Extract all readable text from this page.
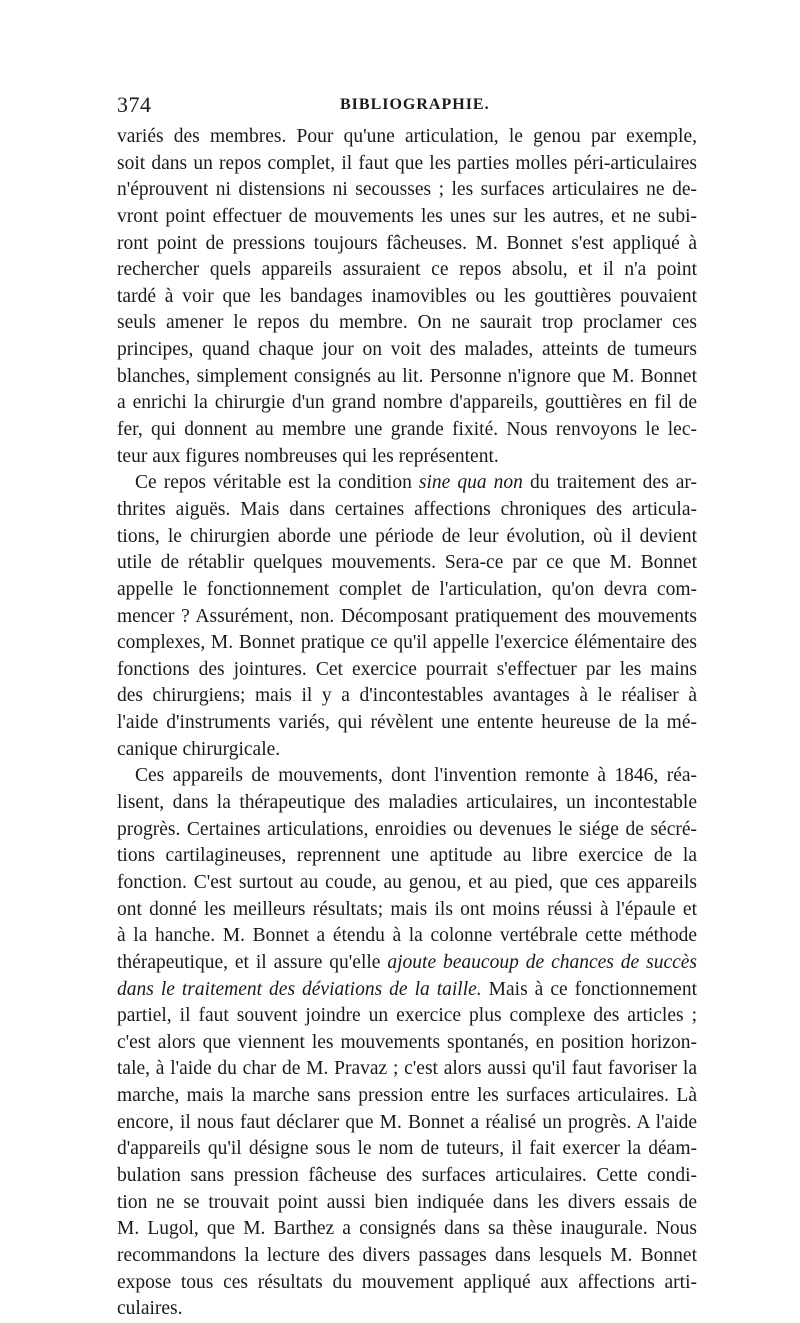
374	BIBLIOGRAPHIE.
variés des membres. Pour qu'une articulation, le genou par exemple,
soit dans un repos complet, il faut que les parties molles péri-articulaires
n'éprouvent ni distensions ni secousses ; les surfaces articulaires ne de-
vront point effectuer de mouvements les unes sur les autres, et ne subi-
ront point de pressions toujours fâcheuses. M. Bonnet s'est appliqué à
rechercher quels appareils assuraient ce repos absolu, et il n'a point
tardé à voir que les bandages inamovibles ou les gouttières pouvaient
seuls amener le repos du membre. On ne saurait trop proclamer ces
principes, quand chaque jour on voit des malades, atteints de tumeurs
blanches, simplement consignés au lit. Personne n'ignore que M. Bonnet
a enrichi la chirurgie d'un grand nombre d'appareils, gouttières en fil de
fer, qui donnent au membre une grande fixité. Nous renvoyons le lec-
teur aux figures nombreuses qui les représentent.
Ce repos véritable est la condition sine qua non du traitement des ar-
thrites aiguës. Mais dans certaines affections chroniques des articula-
tions, le chirurgien aborde une période de leur évolution, où il devient
utile de rétablir quelques mouvements. Sera-ce par ce que M. Bonnet
appelle le fonctionnement complet de l'articulation, qu'on devra com-
mencer ? Assurément, non. Décomposant pratiquement des mouvements
complexes, M. Bonnet pratique ce qu'il appelle l'exercice élémentaire des
fonctions des jointures. Cet exercice pourrait s'effectuer par les mains
des chirurgiens; mais il y a d'incontestables avantages à le réaliser à
l'aide d'instruments variés, qui révèlent une entente heureuse de la mé-
canique chirurgicale.
Ces appareils de mouvements, dont l'invention remonte à 1846, réa-
lisent, dans la thérapeutique des maladies articulaires, un incontestable
progrès. Certaines articulations, enroidies ou devenues le siége de sécré-
tions cartilagineuses, reprennent une aptitude au libre exercice de la
fonction. C'est surtout au coude, au genou, et au pied, que ces appareils
ont donné les meilleurs résultats; mais ils ont moins réussi à l'épaule et
à la hanche. M. Bonnet a étendu à la colonne vertébrale cette méthode
thérapeutique, et il assure qu'elle ajoute beaucoup de chances de succès
dans le traitement des déviations de la taille. Mais à ce fonctionnement
partiel, il faut souvent joindre un exercice plus complexe des articles ;
c'est alors que viennent les mouvements spontanés, en position horizon-
tale, à l'aide du char de M. Pravaz ; c'est alors aussi qu'il faut favoriser la
marche, mais la marche sans pression entre les surfaces articulaires. Là
encore, il nous faut déclarer que M. Bonnet a réalisé un progrès. A l'aide
d'appareils qu'il désigne sous le nom de tuteurs, il fait exercer la déam-
bulation sans pression fâcheuse des surfaces articulaires. Cette condi-
tion ne se trouvait point aussi bien indiquée dans les divers essais de
M. Lugol, que M. Barthez a consignés dans sa thèse inaugurale. Nous
recommandons la lecture des divers passages dans lesquels M. Bonnet
expose tous ces résultats du mouvement appliqué aux affections arti-
culaires.
